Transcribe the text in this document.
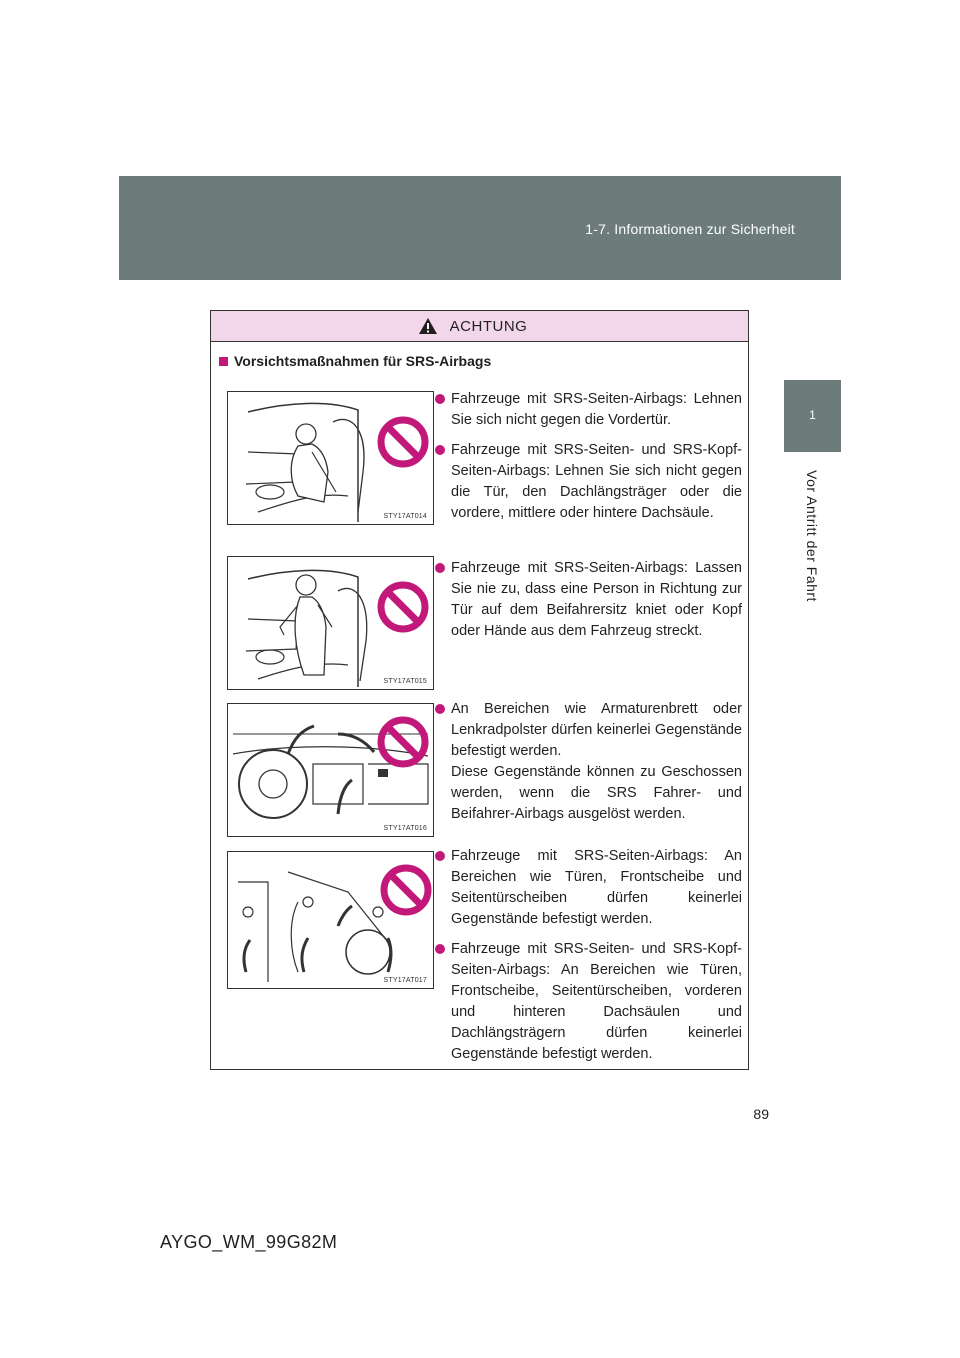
1-7. Informationen zur Sicherheit
1
Vor Antritt der Fahrt
ACHTUNG
Vorsichtsmaßnahmen für SRS-Airbags
STY17AT014
STY17AT015
STY17AT016
STY17AT017

Fahrzeuge mit SRS-Seiten-Airbags: Lehnen Sie sich nicht gegen die Vordertür.

Fahrzeuge mit SRS-Seiten- und SRS-Kopf-Seiten-Airbags: Lehnen Sie sich nicht gegen die Tür, den Dachlängsträger oder die vordere, mittlere oder hintere Dachsäule.

Fahrzeuge mit SRS-Seiten-Airbags: Lassen Sie nie zu, dass eine Person in Richtung zur Tür auf dem Beifahrersitz kniet oder Kopf oder Hände aus dem Fahrzeug streckt.

An Bereichen wie Armaturenbrett oder Lenkradpolster dürfen keinerlei Gegenstände befestigt werden.

Diese Gegenstände können zu Geschossen werden, wenn die SRS Fahrer- und Beifahrer-Airbags ausgelöst werden.

Fahrzeuge mit SRS-Seiten-Airbags: An Bereichen wie Türen, Frontscheibe und Seitentürscheiben dürfen keinerlei Gegenstände befestigt werden.

Fahrzeuge mit SRS-Seiten- und SRS-Kopf-Seiten-Airbags: An Bereichen wie Türen, Frontscheibe, Seitentürscheiben, vorderen und hinteren Dachsäulen und Dachlängsträgern dürfen keinerlei Gegenstände befestigt werden.

89
AYGO_WM_99G82M
